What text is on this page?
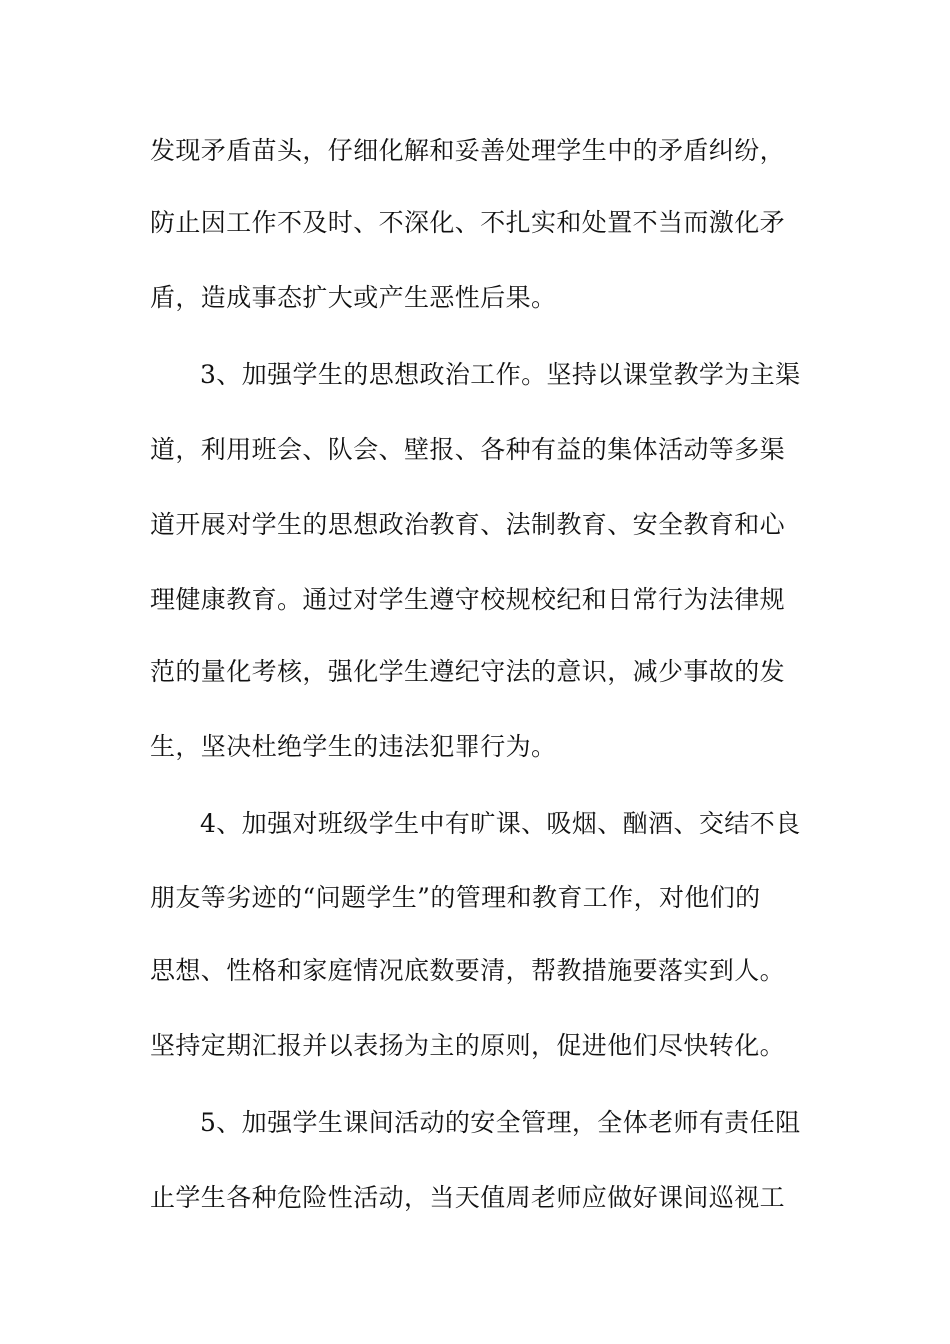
发现矛盾苗头，仔细化解和妥善处理学生中的矛盾纠纷，
防止因工作不及时、不深化、不扎实和处置不当而激化矛
盾，造成事态扩大或产生恶性后果。
3、加强学生的思想政治工作。坚持以课堂教学为主渠
道，利用班会、队会、壁报、各种有益的集体活动等多渠
道开展对学生的思想政治教育、法制教育、安全教育和心
理健康教育。通过对学生遵守校规校纪和日常行为法律规
范的量化考核，强化学生遵纪守法的意识，减少事故的发
生，坚决杜绝学生的违法犯罪行为。
4、加强对班级学生中有旷课、吸烟、酗酒、交结不良
朋友等劣迹的“问题学生”的管理和教育工作，对他们的
思想、性格和家庭情况底数要清，帮教措施要落实到人。
坚持定期汇报并以表扬为主的原则，促进他们尽快转化。
5、加强学生课间活动的安全管理，全体老师有责任阻
止学生各种危险性活动，当天值周老师应做好课间巡视工
